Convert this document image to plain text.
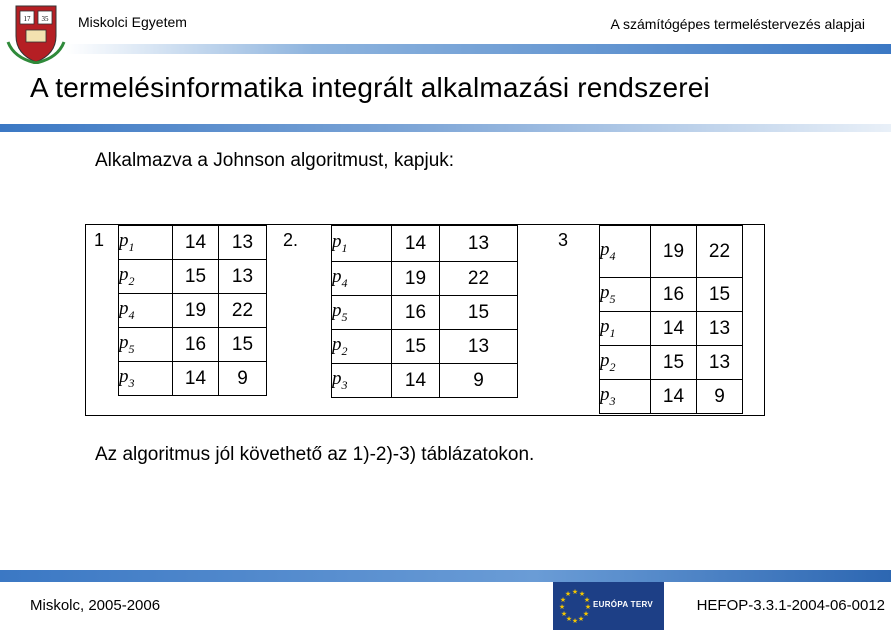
17 35 Miskolci Egyetem	A számítógépes termeléstervezés alapjai
A termelésinformatika integrált alkalmazási rendszerei
Alkalmazva a Johnson algoritmust, kapjuk:
1	2.	3
$p_1$	14	13
$p_2$	15	13
$p_4$	19	22
$p_5$	16	15
$p_3$	14	9
$p_1$	14	13
$p_4$	19	22
$p_5$	16	15
$p_2$	15	13
$p_3$	14	9
$p_4$	19	22
$p_5$	16	15
$p_1$	14	13
$p_2$	15	13
$p_3$	14	9
Az algoritmus jól követhető az 1)-2)-3) táblázatokon.
Miskolc, 2005-2006
★ ★
★
★
★
★
★
★
★
★
★
★
EURÓPA TERV	HEFOP-3.3.1-2004-06-0012
